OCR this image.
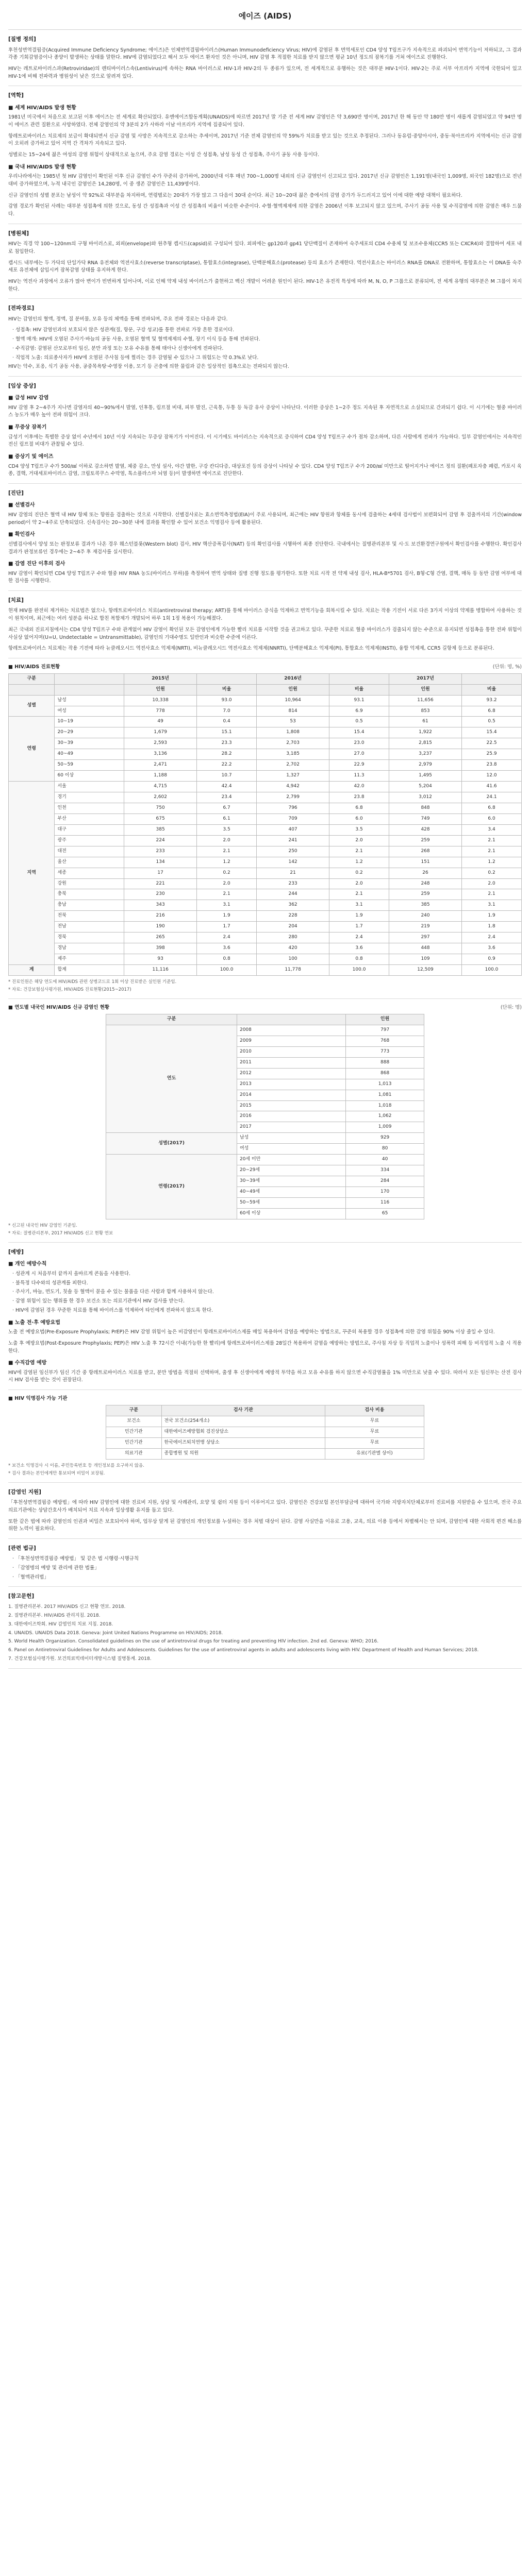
에이즈 (AIDS)
[질병 정의]

후천성면역결핍증(Acquired Immune Deficiency Syndrome; 에이즈)은 인체면역결핍바이러스(Human Immunodeficiency Virus; HIV)에 감염된 후 면역세포인 CD4 양성 T림프구가 지속적으로 파괴되어 면역기능이 저하되고, 그 결과 각종 기회감염증이나 종양이 발생하는 상태를 말한다. HIV에 감염되었다고 해서 모두 에이즈 환자인 것은 아니며, HIV 감염 후 적절한 치료를 받지 않으면 평균 10년 정도의 잠복기를 거쳐 에이즈로 진행한다.

HIV는 레트로바이러스과(Retroviridae)의 렌티바이러스속(Lentivirus)에 속하는 RNA 바이러스로 HIV-1과 HIV-2의 두 종류가 있으며, 전 세계적으로 유행하는 것은 대부분 HIV-1이다. HIV-2는 주로 서부 아프리카 지역에 국한되어 있고 HIV-1에 비해 전파력과 병원성이 낮은 것으로 알려져 있다.

[역학]
■ 세계 HIV/AIDS 발생 현황

1981년 미국에서 처음으로 보고된 이후 에이즈는 전 세계로 확산되었다. 유엔에이즈합동계획(UNAIDS)에 따르면 2017년 말 기준 전 세계 HIV 감염인은 약 3,690만 명이며, 2017년 한 해 동안 약 180만 명이 새롭게 감염되었고 약 94만 명이 에이즈 관련 질환으로 사망하였다. 전체 감염인의 약 3분의 2가 사하라 이남 아프리카 지역에 집중되어 있다.

항레트로바이러스 치료제의 보급이 확대되면서 신규 감염 및 사망은 지속적으로 감소하는 추세이며, 2017년 기준 전체 감염인의 약 59%가 치료를 받고 있는 것으로 추정된다. 그러나 동유럽·중앙아시아, 중동·북아프리카 지역에서는 신규 감염이 오히려 증가하고 있어 지역 간 격차가 지속되고 있다.

성별로는 15~24세 젊은 여성의 감염 위험이 상대적으로 높으며, 주요 감염 경로는 이성 간 성접촉, 남성 동성 간 성접촉, 주사기 공동 사용 등이다.

■ 국내 HIV/AIDS 발생 현황

우리나라에서는 1985년 첫 HIV 감염인이 확인된 이후 신규 감염인 수가 꾸준히 증가하여, 2000년대 이후 매년 700~1,000명 내외의 신규 감염인이 신고되고 있다. 2017년 신규 감염인은 1,191명(내국인 1,009명, 외국인 182명)으로 전년 대비 증가하였으며, 누적 내국인 감염인은 14,280명, 이 중 생존 감염인은 11,439명이다.

신규 감염인의 성별 분포는 남성이 약 92%로 대부분을 차지하며, 연령별로는 20대가 가장 많고 그 다음이 30대 순이다. 최근 10~20대 젊은 층에서의 감염 증가가 두드러지고 있어 이에 대한 예방 대책이 필요하다.

감염 경로가 확인된 사례는 대부분 성접촉에 의한 것으로, 동성 간 성접촉과 이성 간 성접촉의 비율이 비슷한 수준이다. 수혈·혈액제제에 의한 감염은 2006년 이후 보고되지 않고 있으며, 주사기 공동 사용 및 수직감염에 의한 감염은 매우 드물다.

[병원체]

HIV는 직경 약 100~120nm의 구형 바이러스로, 외피(envelope)와 원추형 캡시드(capsid)로 구성되어 있다. 외피에는 gp120과 gp41 당단백질이 존재하여 숙주세포의 CD4 수용체 및 보조수용체(CCR5 또는 CXCR4)와 결합하여 세포 내로 침입한다.

캡시드 내부에는 두 가닥의 단일가닥 RNA 유전체와 역전사효소(reverse transcriptase), 통합효소(integrase), 단백분해효소(protease) 등의 효소가 존재한다. 역전사효소는 바이러스 RNA를 DNA로 전환하며, 통합효소는 이 DNA를 숙주세포 유전체에 삽입시켜 잠복감염 상태를 유지하게 한다.

HIV는 역전사 과정에서 오류가 많아 변이가 빈번하게 일어나며, 이로 인해 약제 내성 바이러스가 출현하고 백신 개발이 어려운 원인이 된다. HIV-1은 유전적 특성에 따라 M, N, O, P 그룹으로 분류되며, 전 세계 유행의 대부분은 M 그룹이 차지한다.

[전파경로]

HIV는 감염인의 혈액, 정액, 질 분비물, 모유 등의 체액을 통해 전파되며, 주요 전파 경로는 다음과 같다.

· 성접촉: HIV 감염인과의 보호되지 않은 성관계(질, 항문, 구강 성교)를 통한 전파로 가장 흔한 경로이다.
· 혈액 매개: HIV에 오염된 주사기·바늘의 공동 사용, 오염된 혈액 및 혈액제제의 수혈, 장기 이식 등을 통해 전파된다.
· 수직감염: 감염된 산모로부터 임신, 분만 과정 또는 모유 수유를 통해 태아나 신생아에게 전파된다.
· 직업적 노출: 의료종사자가 HIV에 오염된 주사침 등에 찔리는 경우 감염될 수 있으나 그 위험도는 약 0.3%로 낮다.

HIV는 악수, 포옹, 식기 공동 사용, 공중목욕탕·수영장 이용, 모기 등 곤충에 의한 물림과 같은 일상적인 접촉으로는 전파되지 않는다.

[임상 증상]
■ 급성 HIV 감염

HIV 감염 후 2~4주가 지나면 감염자의 40~90%에서 발열, 인후통, 림프절 비대, 피부 발진, 근육통, 두통 등 독감 유사 증상이 나타난다. 이러한 증상은 1~2주 정도 지속된 후 자연적으로 소실되므로 간과되기 쉽다. 이 시기에는 혈중 바이러스 농도가 매우 높아 전파 위험이 크다.

■ 무증상 잠복기

급성기 이후에는 특별한 증상 없이 수년에서 10년 이상 지속되는 무증상 잠복기가 이어진다. 이 시기에도 바이러스는 지속적으로 증식하여 CD4 양성 T림프구 수가 점차 감소하며, 다른 사람에게 전파가 가능하다. 일부 감염인에서는 지속적인 전신 림프절 비대가 관찰될 수 있다.

■ 증상기 및 에이즈

CD4 양성 T림프구 수가 500/㎣ 이하로 감소하면 발열, 체중 감소, 만성 설사, 야간 발한, 구강 칸디다증, 대상포진 등의 증상이 나타날 수 있다. CD4 양성 T림프구 수가 200/㎣ 미만으로 떨어지거나 에이즈 정의 질환(폐포자충 폐렴, 카포시 육종, 결핵, 거대세포바이러스 감염, 크립토콕쿠스 수막염, 톡소플라스마 뇌염 등)이 발생하면 에이즈로 진단한다.

[진단]
■ 선별검사

HIV 감염의 진단은 혈액 내 HIV 항체 또는 항원을 검출하는 것으로 시작한다. 선별검사로는 효소면역측정법(EIA)이 주로 사용되며, 최근에는 HIV 항원과 항체를 동시에 검출하는 4세대 검사법이 보편화되어 감염 후 검출까지의 기간(window period)이 약 2~4주로 단축되었다. 신속검사는 20~30분 내에 결과를 확인할 수 있어 보건소 익명검사 등에 활용된다.

■ 확인검사

선별검사에서 양성 또는 판정보류 결과가 나온 경우 웨스턴블롯(Western blot) 검사, HIV 핵산증폭검사(NAT) 등의 확인검사를 시행하여 최종 진단한다. 국내에서는 질병관리본부 및 시·도 보건환경연구원에서 확인검사를 수행한다. 확인검사 결과가 판정보류인 경우에는 2~4주 후 재검사를 실시한다.

■ 감염 진단 이후의 검사

HIV 감염이 확인되면 CD4 양성 T림프구 수와 혈중 HIV RNA 농도(바이러스 부하)를 측정하여 면역 상태와 질병 진행 정도를 평가한다. 또한 치료 시작 전 약제 내성 검사, HLA-B*5701 검사, B형·C형 간염, 결핵, 매독 등 동반 감염 여부에 대한 검사를 시행한다.

[치료]

현재 HIV를 완전히 제거하는 치료법은 없으나, 항레트로바이러스 치료(antiretroviral therapy; ART)를 통해 바이러스 증식을 억제하고 면역기능을 회복시킬 수 있다. 치료는 작용 기전이 서로 다른 3가지 이상의 약제를 병합하여 사용하는 것이 원칙이며, 최근에는 여러 성분을 하나로 합친 복합제가 개발되어 하루 1회 1정 복용이 가능해졌다.

최근 국내외 진료지침에서는 CD4 양성 T림프구 수와 관계없이 HIV 감염이 확인된 모든 감염인에게 가능한 빨리 치료를 시작할 것을 권고하고 있다. 꾸준한 치료로 혈중 바이러스가 검출되지 않는 수준으로 유지되면 성접촉을 통한 전파 위험이 사실상 없어지며(U=U, Undetectable = Untransmittable), 감염인의 기대수명도 일반인과 비슷한 수준에 이른다.

항레트로바이러스 치료제는 작용 기전에 따라 뉴클레오시드 역전사효소 억제제(NRTI), 비뉴클레오시드 역전사효소 억제제(NNRTI), 단백분해효소 억제제(PI), 통합효소 억제제(INSTI), 융합 억제제, CCR5 길항제 등으로 분류된다.

■ HIV/AIDS 진료현황	(단위: 명, %)
구분		2015년		2016년		2017년	
		인원	비율	인원	비율	인원	비율
성별	남성	10,338	93.0	10,964	93.1	11,656	93.2
	여성	778	7.0	814	6.9	853	6.8
연령	10~19	49	0.4	53	0.5	61	0.5
	20~29	1,679	15.1	1,808	15.4	1,922	15.4
	30~39	2,593	23.3	2,703	23.0	2,815	22.5
	40~49	3,136	28.2	3,185	27.0	3,237	25.9
	50~59	2,471	22.2	2,702	22.9	2,979	23.8
	60 이상	1,188	10.7	1,327	11.3	1,495	12.0
지역	서울	4,715	42.4	4,942	42.0	5,204	41.6
	경기	2,602	23.4	2,799	23.8	3,012	24.1
	인천	750	6.7	796	6.8	848	6.8
	부산	675	6.1	709	6.0	749	6.0
	대구	385	3.5	407	3.5	428	3.4
	광주	224	2.0	241	2.0	259	2.1
	대전	233	2.1	250	2.1	268	2.1
	울산	134	1.2	142	1.2	151	1.2
	세종	17	0.2	21	0.2	26	0.2
	강원	221	2.0	233	2.0	248	2.0
	충북	230	2.1	244	2.1	259	2.1
	충남	343	3.1	362	3.1	385	3.1
	전북	216	1.9	228	1.9	240	1.9
	전남	190	1.7	204	1.7	219	1.8
	경북	265	2.4	280	2.4	297	2.4
	경남	398	3.6	420	3.6	448	3.6
	제주	93	0.8	100	0.8	109	0.9
계	합계	11,116	100.0	11,778	100.0	12,509	100.0
* 진료인원은 해당 연도에 HIV/AIDS 관련 상병코드로 1회 이상 진료받은 실인원 기준임.
* 자료: 건강보험심사평가원, HIV/AIDS 진료현황(2015~2017)
■ 연도별 내국인 HIV/AIDS 신규 감염인 현황	(단위: 명)
구분		인원
연도	2008	797
	2009	768
	2010	773
	2011	888
	2012	868
	2013	1,013
	2014	1,081
	2015	1,018
	2016	1,062
	2017	1,009
성별(2017)	남성	929
	여성	80
연령(2017)	20세 미만	40
	20~29세	334
	30~39세	284
	40~49세	170
	50~59세	116
	60세 이상	65
* 신고된 내국인 HIV 감염인 기준임.
* 자료: 질병관리본부, 2017 HIV/AIDS 신고 현황 연보
[예방]
■ 개인 예방수칙
· 성관계 시 처음부터 끝까지 올바르게 콘돔을 사용한다.
· 불특정 다수와의 성관계를 피한다.
· 주사기, 바늘, 면도기, 칫솔 등 혈액이 묻을 수 있는 물품을 다른 사람과 함께 사용하지 않는다.
· 감염 위험이 있는 행위를 한 경우 보건소 또는 의료기관에서 HIV 검사를 받는다.
· HIV에 감염된 경우 꾸준한 치료를 통해 바이러스를 억제하여 타인에게 전파하지 않도록 한다.
■ 노출 전·후 예방요법

노출 전 예방요법(Pre-Exposure Prophylaxis; PrEP)은 HIV 감염 위험이 높은 비감염인이 항레트로바이러스제를 매일 복용하여 감염을 예방하는 방법으로, 꾸준히 복용할 경우 성접촉에 의한 감염 위험을 90% 이상 줄일 수 있다.

노출 후 예방요법(Post-Exposure Prophylaxis; PEP)은 HIV 노출 후 72시간 이내(가능한 한 빨리)에 항레트로바이러스제를 28일간 복용하여 감염을 예방하는 방법으로, 주사침 자상 등 직업적 노출이나 성폭력 피해 등 비직업적 노출 시 적용한다.

■ 수직감염 예방

HIV에 감염된 임신부가 임신 기간 중 항레트로바이러스 치료를 받고, 분만 방법을 적절히 선택하며, 출생 후 신생아에게 예방적 투약을 하고 모유 수유를 하지 않으면 수직감염률을 1% 미만으로 낮출 수 있다. 따라서 모든 임신부는 산전 검사 시 HIV 검사를 받는 것이 권장된다.

■ HIV 익명검사 가능 기관
구분	검사 기관	검사 비용
보건소	전국 보건소(254개소)	무료
민간기관	대한에이즈예방협회 검진상담소	무료
민간기관	한국에이즈퇴치연맹 상담소	무료
의료기관	종합병원 및 의원	유료(기관별 상이)
* 보건소 익명검사 시 이름, 주민등록번호 등 개인정보를 요구하지 않음.
* 검사 결과는 본인에게만 통보되며 비밀이 보장됨.
[감염인 지원]

「후천성면역결핍증 예방법」에 따라 HIV 감염인에 대한 진료비 지원, 상담 및 사례관리, 요양 및 쉼터 지원 등이 이루어지고 있다. 감염인은 건강보험 본인부담금에 대하여 국가와 지방자치단체로부터 진료비를 지원받을 수 있으며, 전국 주요 의료기관에는 상담간호사가 배치되어 치료 지속과 일상생활 유지를 돕고 있다.

또한 같은 법에 따라 감염인의 인권과 비밀은 보호되어야 하며, 업무상 알게 된 감염인의 개인정보를 누설하는 경우 처벌 대상이 된다. 감염 사실만을 이유로 고용, 교육, 의료 이용 등에서 차별해서는 안 되며, 감염인에 대한 사회적 편견 해소를 위한 노력이 필요하다.

[관련 법규]
· 「후천성면역결핍증 예방법」 및 같은 법 시행령·시행규칙
· 「감염병의 예방 및 관리에 관한 법률」
· 「혈액관리법」
[참고문헌]
1. 질병관리본부. 2017 HIV/AIDS 신고 현황 연보. 2018.
2. 질병관리본부. HIV/AIDS 관리지침. 2018.
3. 대한에이즈학회. HIV 감염인의 치료 지침. 2018.
4. UNAIDS. UNAIDS Data 2018. Geneva: Joint United Nations Programme on HIV/AIDS; 2018.
5. World Health Organization. Consolidated guidelines on the use of antiretroviral drugs for treating and preventing HIV infection. 2nd ed. Geneva: WHO; 2016.
6. Panel on Antiretroviral Guidelines for Adults and Adolescents. Guidelines for the use of antiretroviral agents in adults and adolescents living with HIV. Department of Health and Human Services; 2018.
7. 건강보험심사평가원. 보건의료빅데이터개방시스템 질병통계. 2018.
